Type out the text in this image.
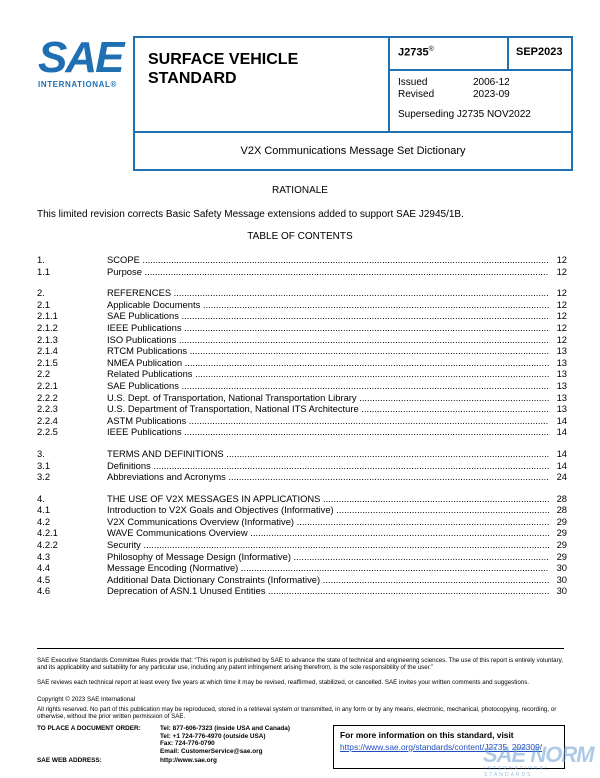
SAE
INTERNATIONAL®
SURFACE VEHICLE
STANDARD
J2735®	SEP2023
Issued	2006-12
Revised	2023-09
Superseding J2735 NOV2022
V2X Communications Message Set Dictionary
RATIONALE
This limited revision corrects Basic Safety Message extensions added to support SAE J2945/1B.
TABLE OF CONTENTS
1.	SCOPE .....	12
1.1	Purpose .....	12
2.	REFERENCES .....	12
2.1	Applicable Documents .....	12
2.1.1	SAE Publications .....	12
2.1.2	IEEE Publications .....	12
2.1.3	ISO Publications .....	12
2.1.4	RTCM Publications .....	13
2.1.5	NMEA Publication .....	13
2.2	Related Publications .....	13
2.2.1	SAE Publications .....	13
2.2.2	U.S. Dept. of Transportation, National Transportation Library .....	13
2.2.3	U.S. Department of Transportation, National ITS Architecture .....	13
2.2.4	ASTM Publications .....	14
2.2.5	IEEE Publications .....	14
3.	TERMS AND DEFINITIONS .....	14
3.1	Definitions .....	14
3.2	Abbreviations and Acronyms .....	24
4.	THE USE OF V2X MESSAGES IN APPLICATIONS .....	28
4.1	Introduction to V2X Goals and Objectives (Informative) .....	28
4.2	V2X Communications Overview (Informative) .....	29
4.2.1	WAVE Communications Overview .....	29
4.2.2	Security .....	29
4.3	Philosophy of Message Design (Informative) .....	29
4.4	Message Encoding (Normative) .....	30
4.5	Additional Data Dictionary Constraints (Informative) .....	30
4.6	Deprecation of ASN.1 Unused Entities .....	30
SAE Executive Standards Committee Rules provide that: “This report is published by SAE to advance the state of technical and engineering sciences. The use of this report is entirely voluntary, and its applicability and suitability for any particular use, including any patent infringement arising therefrom, is the sole responsibility of the user.”
SAE reviews each technical report at least every five years at which time it may be revised, reaffirmed, stabilized, or cancelled. SAE invites your written comments and suggestions.
Copyright © 2023 SAE International
All rights reserved. No part of this publication may be reproduced, stored in a retrieval system or transmitted, in any form or by any means, electronic, mechanical, photocopying, recording, or otherwise, without the prior written permission of SAE.
TO PLACE A DOCUMENT ORDER:	Tel: 877-606-7323 (inside USA and Canada)
Tel: +1 724-776-4970 (outside USA)
Fax: 724-776-0790
Email: CustomerService@sae.org
SAE WEB ADDRESS:	http://www.sae.org
For more information on this standard, visit
https://www.sae.org/standards/content/J2735_202309/
SAE NORM
INTERNATIONAL STANDARDS
